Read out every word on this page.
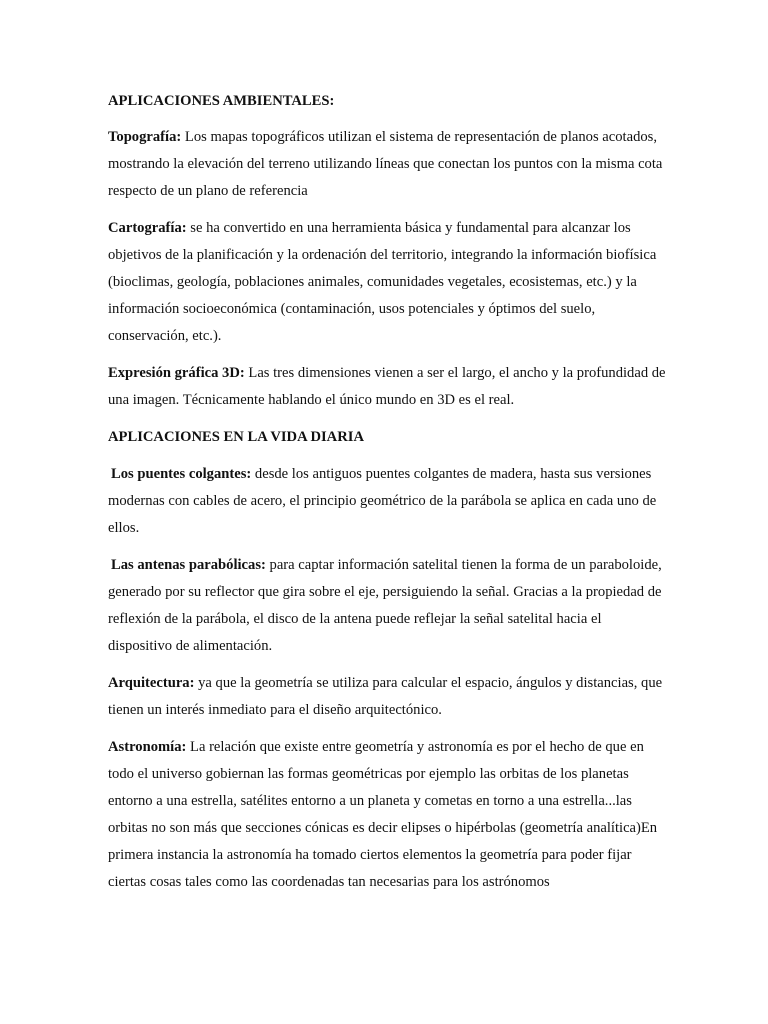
APLICACIONES AMBIENTALES:

Topografía: Los mapas topográficos utilizan el sistema de representación de planos acotados, mostrando la elevación del terreno utilizando líneas que conectan los puntos con la misma cota respecto de un plano de referencia

Cartografía: se ha convertido en una herramienta básica y fundamental para alcanzar los objetivos de la planificación y la ordenación del territorio, integrando la información biofísica (bioclimas, geología, poblaciones animales, comunidades vegetales, ecosistemas, etc.) y la información socioeconómica (contaminación, usos potenciales y óptimos del suelo, conservación, etc.).

Expresión gráfica 3D: Las tres dimensiones vienen a ser el largo, el ancho y la profundidad de una imagen. Técnicamente hablando el único mundo en 3D es el real.

APLICACIONES EN LA VIDA DIARIA

Los puentes colgantes: desde los antiguos puentes colgantes de madera, hasta sus versiones modernas con cables de acero, el principio geométrico de la parábola se aplica en cada uno de ellos.

Las antenas parabólicas: para captar información satelital tienen la forma de un paraboloide, generado por su reflector que gira sobre el eje, persiguiendo la señal. Gracias a la propiedad de reflexión de la parábola, el disco de la antena puede reflejar la señal satelital hacia el dispositivo de alimentación.

Arquitectura: ya que la geometría se utiliza para calcular el espacio, ángulos y distancias, que tienen un interés inmediato para el diseño arquitectónico.

Astronomía: La relación que existe entre geometría y astronomía es por el hecho de que en todo el universo gobiernan las formas geométricas por ejemplo las orbitas de los planetas entorno a una estrella, satélites entorno a un planeta y cometas en torno a una estrella...las orbitas no son más que secciones cónicas es decir elipses o hipérbolas (geometría analítica)En primera instancia la astronomía ha tomado ciertos elementos la geometría para poder fijar ciertas cosas tales como las coordenadas tan necesarias para los astrónomos
